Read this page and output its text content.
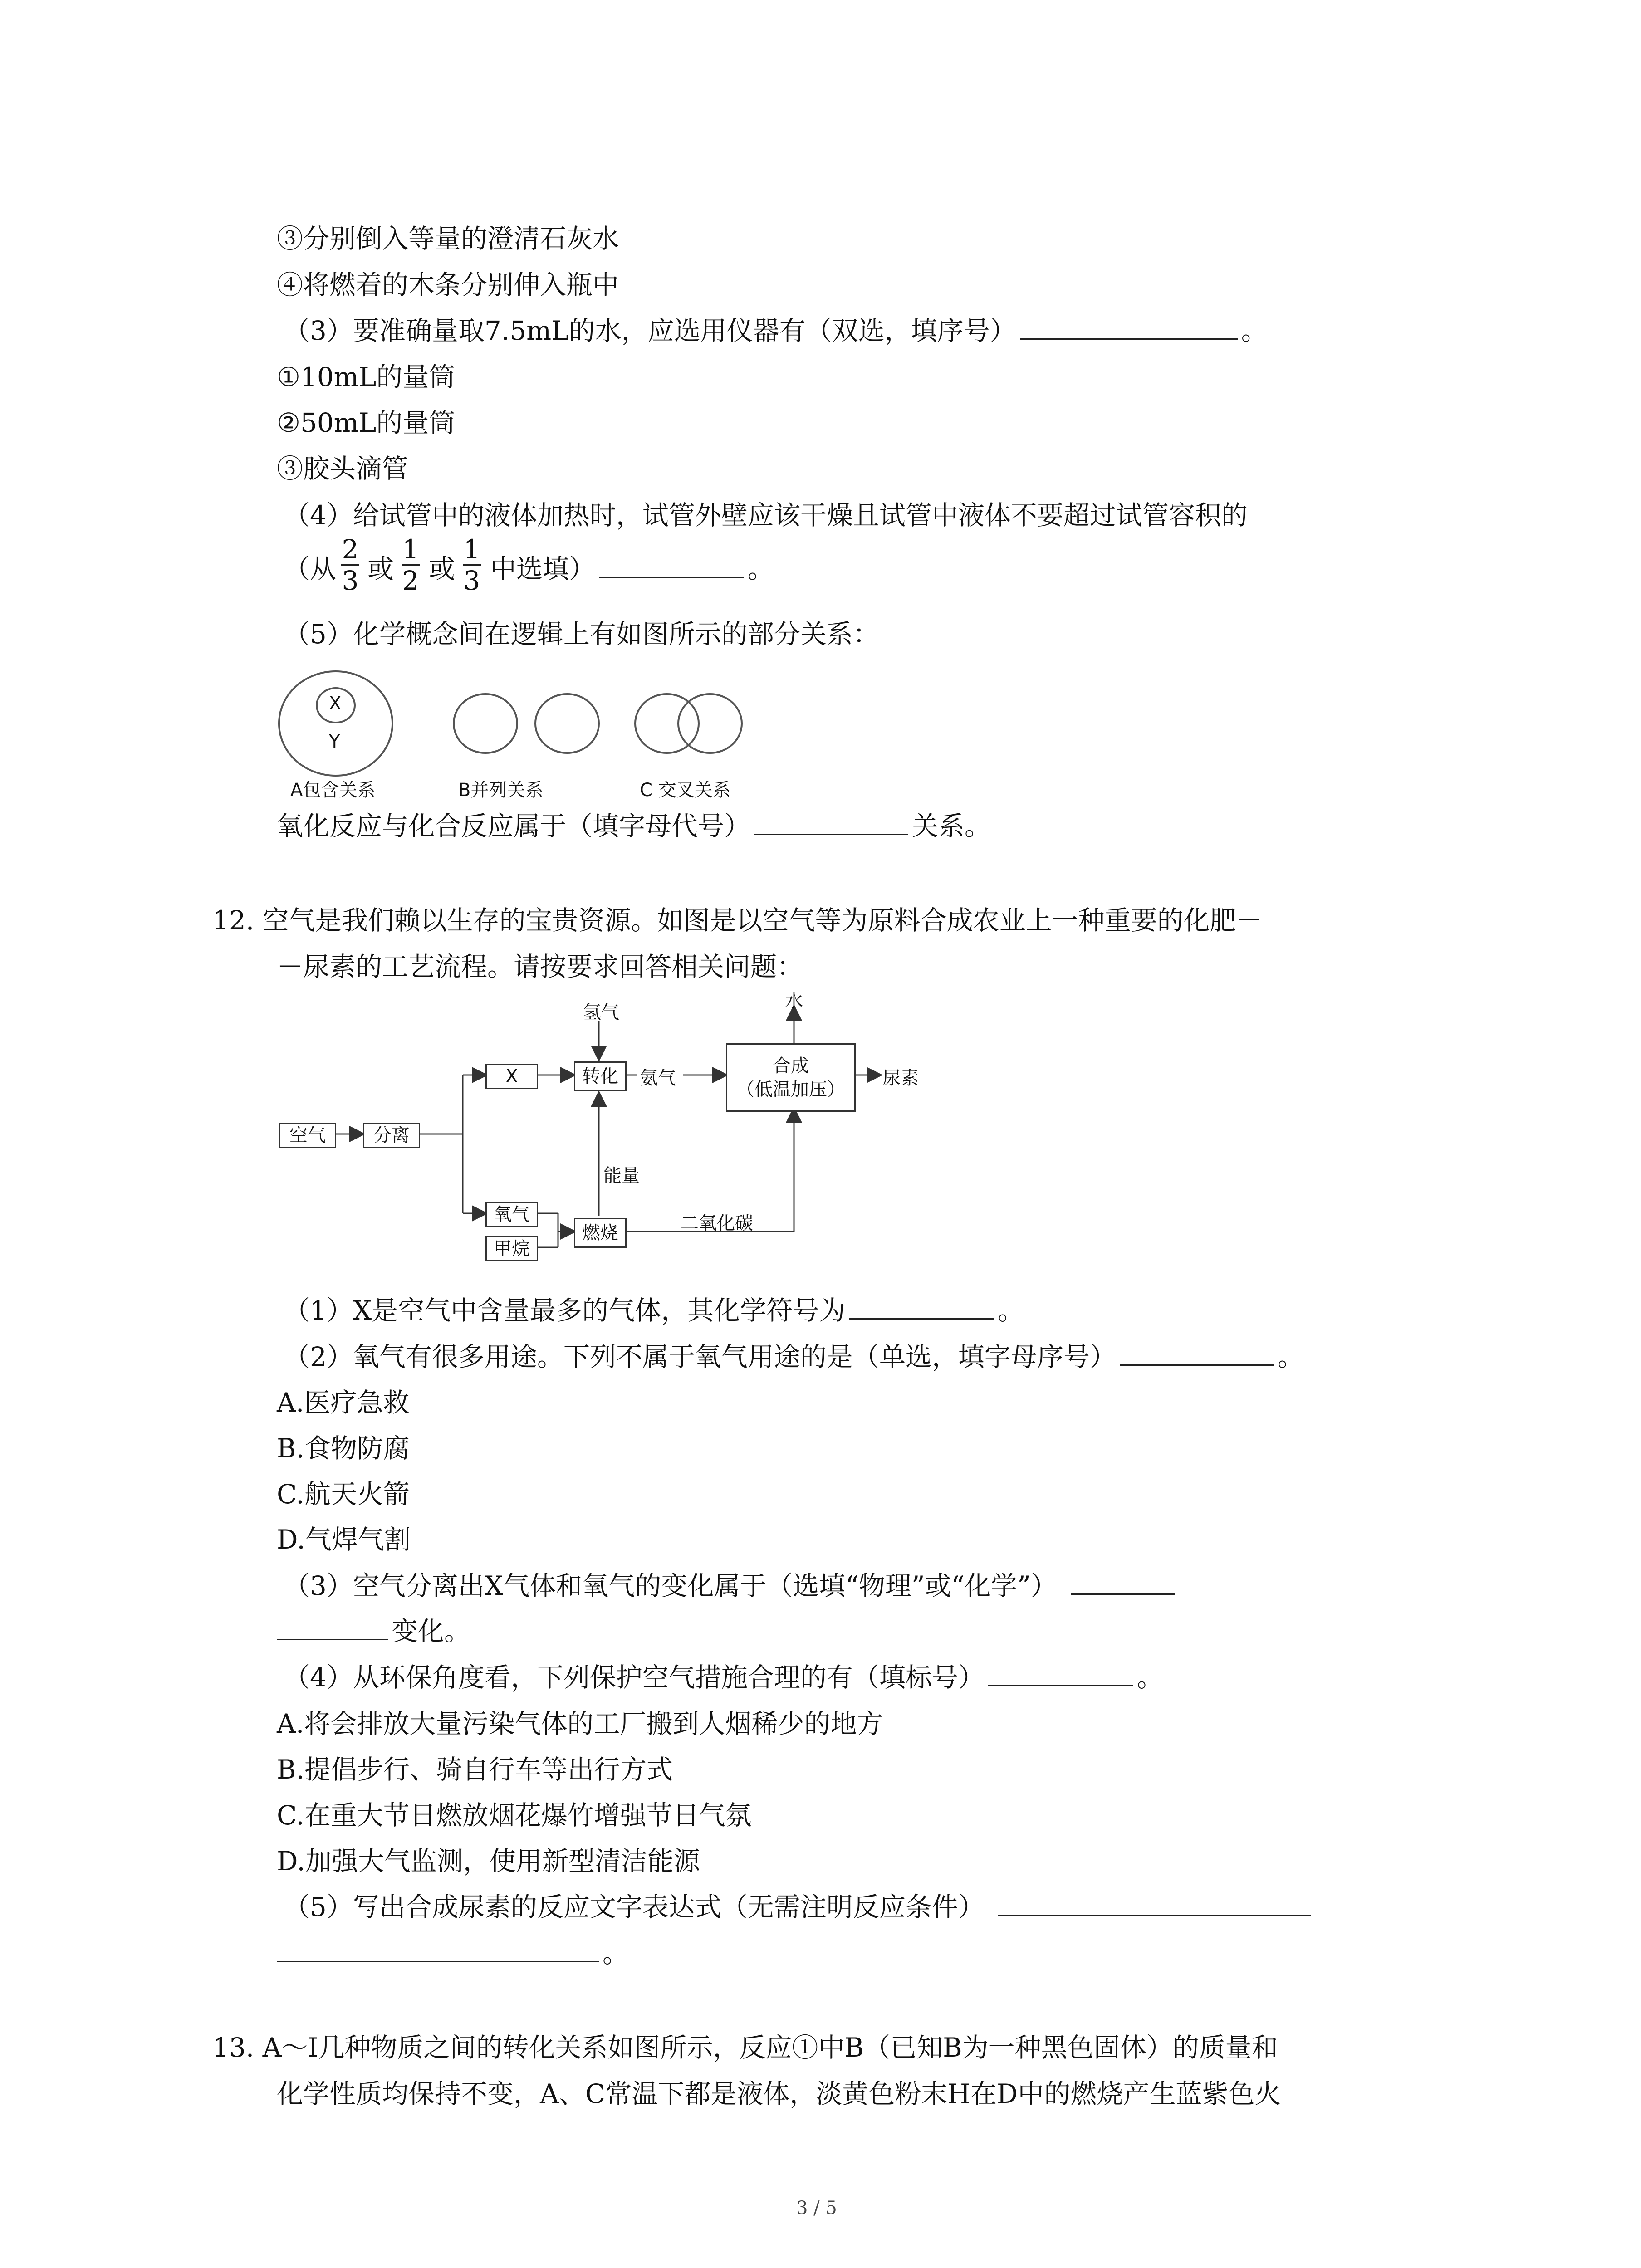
③分别倒入等量的澄清石灰水
④将燃着的木条分别伸入瓶中
（3）要准确量取7.5mL的水，应选用仪器有（双选，填序号）	。
①10mL的量筒
②50mL的量筒
③胶头滴管
（4）给试管中的液体加热时，试管外壁应该干燥且试管中液体不要超过试管容积的
（从
2
3 或
1
2 或
1
3 中选填）	。
（5）化学概念间在逻辑上有如图所示的部分关系：
X
Y
A包含关系	B并列关系	C 交叉关系
氧化反应与化合反应属于（填字母代号）	关系。
12. 空气是我们赖以生存的宝贵资源。如图是以空气等为原料合成农业上一种重要的化肥－
－尿素的工艺流程。请按要求回答相关问题：
空气	分离
X
氢气
转化	氨气
水
合成
（低温加压）
尿素
氧气
甲烷
燃烧
能量
二氧化碳
（1）X是空气中含量最多的气体，其化学符号为	。
（2）氧气有很多用途。下列不属于氧气用途的是（单选，填字母序号）	。
A.医疗急救
B.食物防腐
C.航天火箭
D.气焊气割
（3）空气分离出X气体和氧气的变化属于（选填“物理”或“化学”）
变化。
（4）从环保角度看，下列保护空气措施合理的有（填标号）	。
A.将会排放大量污染气体的工厂搬到人烟稀少的地方
B.提倡步行、骑自行车等出行方式
C.在重大节日燃放烟花爆竹增强节日气氛
D.加强大气监测，使用新型清洁能源
（5）写出合成尿素的反应文字表达式（无需注明反应条件）
。
13. A～I几种物质之间的转化关系如图所示，反应①中B（已知B为一种黑色固体）的质量和
化学性质均保持不变，A、C常温下都是液体，淡黄色粉末H在D中的燃烧产生蓝紫色火
3 / 5
